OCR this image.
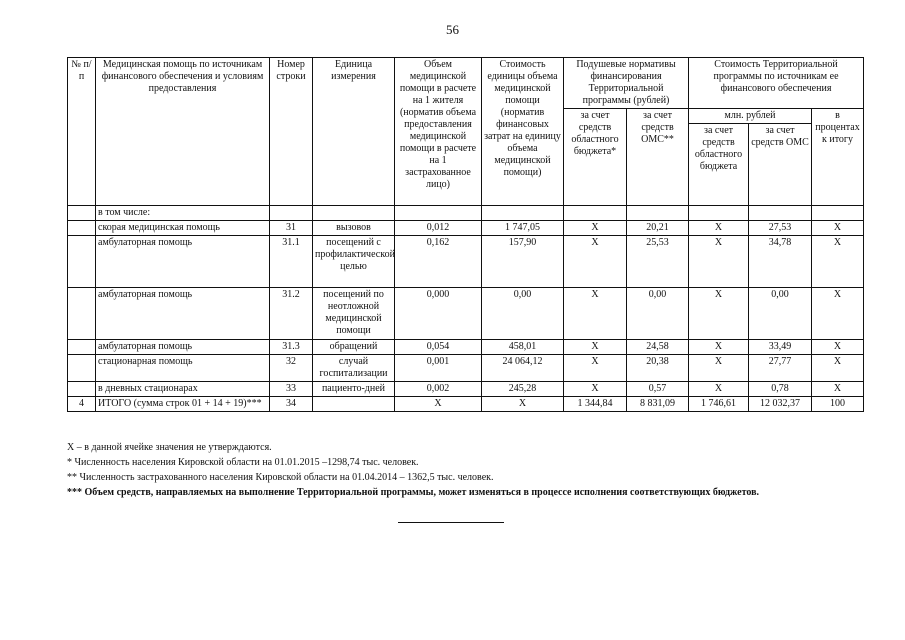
56
№ п/п	Медицинская помощь по источникам финансового обеспечения и условиям предоставления	Номер строки	Единица измерения	Объем медицинской помощи в расчете на 1 жителя (норматив объема предоставления медицинской помощи в расчете на 1 застрахованное лицо)	Стоимость единицы объема медицинской помощи (норматив финансовых затрат на единицу объема медицинской помощи)	Подушевые нормативы финансирования Территориальной программы (рублей)		Стоимость Территориальной программы по источникам ее финансового обеспечения		
						за счет средств областного бюджета*	за счет средств ОМС**	млн. рублей		в процентах к итогу
								за счет средств областного бюджета	за счет средств ОМС	
	в том числе:									
	скорая медицинская помощь	31	вызовов	0,012	1 747,05	X	20,21	X	27,53	X
	амбулаторная помощь	31.1	посещений с профилактической целью	0,162	157,90	X	25,53	X	34,78	X
	амбулаторная помощь	31.2	посещений по неотложной медицинской помощи	0,000	0,00	X	0,00	X	0,00	X
	амбулаторная помощь	31.3	обращений	0,054	458,01	X	24,58	X	33,49	X
	стационарная помощь	32	случай госпитализации	0,001	24 064,12	X	20,38	X	27,77	X
	в дневных стационарах	33	пациенто-дней	0,002	245,28	X	0,57	X	0,78	X
4	ИТОГО (сумма строк 01 + 14 + 19)***	34		X	X	1 344,84	8 831,09	1 746,61	12 032,37	100
X – в данной ячейке значения не утверждаются.
* Численность населения Кировской области на 01.01.2015 –1298,74 тыс. человек.
** Численность застрахованного населения Кировской области на 01.04.2014 – 1362,5 тыс. человек.
*** Объем средств, направляемых на выполнение Территориальной программы, может изменяться в процессе исполнения соответствующих бюджетов.
